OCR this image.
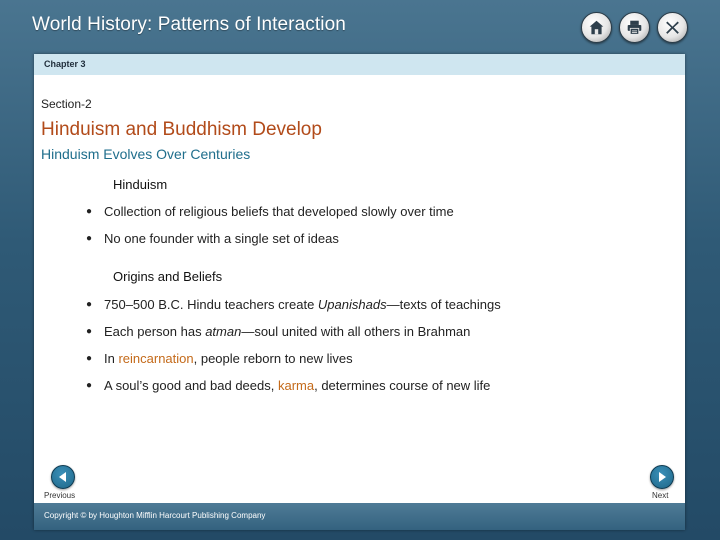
World History: Patterns of Interaction
Chapter 3
Section-2
Hinduism and Buddhism Develop
Hinduism Evolves Over Centuries
Hinduism
● Collection of religious beliefs that developed slowly over time
● No one founder with a single set of ideas
Origins and Beliefs
● 750–500 B.C. Hindu teachers create Upanishads—texts of teachings
● Each person has atman—soul united with all others in Brahman
● In reincarnation, people reborn to new lives
● A soul’s good and bad deeds, karma, determines course of new life
Previous	Next
Copyright © by Houghton Mifflin Harcourt Publishing Company
